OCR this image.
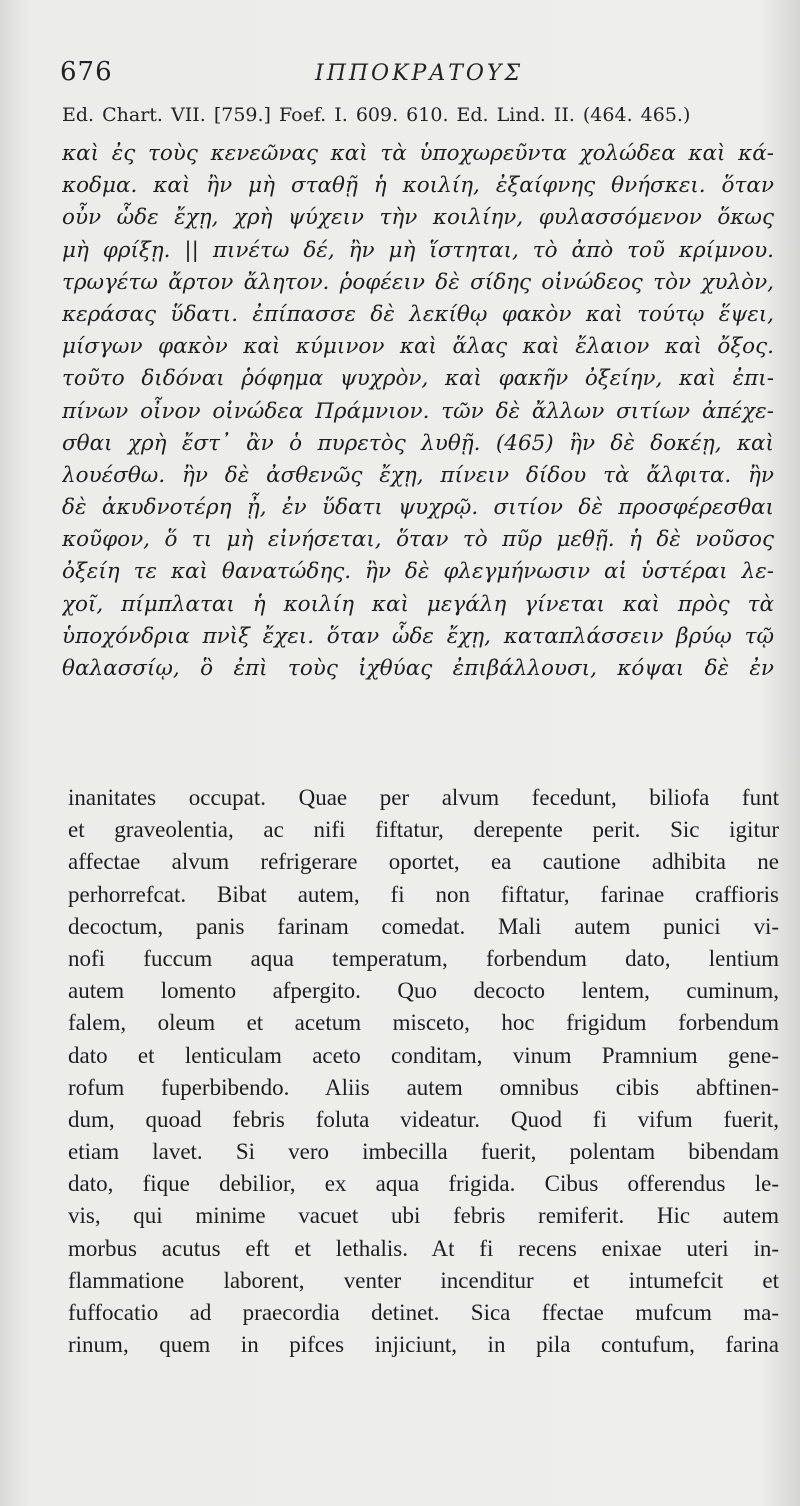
676	ΙΠΠΟΚΡΑΤΟΥΣ
Ed. Chart. VII. [759.] Foef. I. 609. 610. Ed. Lind. II. (464. 465.)
καὶ ἐς τοὺς κενεῶνας καὶ τὰ ὑποχωρεῦντα χολώδεα καὶ κά-
κοδμα. καὶ ἢν μὴ σταθῇ ἡ κοιλίη, ἐξαίφνης θνήσκει. ὅταν
οὖν ὧδε ἔχῃ, χρὴ ψύχειν τὴν κοιλίην, φυλασσόμενον ὅκως
μὴ φρίξῃ. || πινέτω δέ, ἢν μὴ ἵστηται, τὸ ἀπὸ τοῦ κρίμνου.
τρωγέτω ἄρτον ἄλητον. ῥοφέειν δὲ σίδης οἰνώδεος τὸν χυλὸν,
κεράσας ὕδατι. ἐπίπασσε δὲ λεκίθῳ φακὸν καὶ τούτῳ ἕψει,
μίσγων φακὸν καὶ κύμινον καὶ ἅλας καὶ ἔλαιον καὶ ὄξος.
τοῦτο διδόναι ῥόφημα ψυχρὸν, καὶ φακῆν ὀξείην, καὶ ἐπι-
πίνων οἶνον οἰνώδεα Πράμνιον. τῶν δὲ ἄλλων σιτίων ἀπέχε-
σθαι χρὴ ἔστ᾽ ἂν ὁ πυρετὸς λυθῇ. (465) ἢν δὲ δοκέῃ, καὶ
λουέσθω. ἢν δὲ ἀσθενῶς ἔχῃ, πίνειν δίδου τὰ ἄλφιτα. ἢν
δὲ ἀκυδνοτέρη ᾖ, ἐν ὕδατι ψυχρῷ. σιτίον δὲ προσφέρεσθαι
κοῦφον, ὅ τι μὴ εἰνήσεται, ὅταν τὸ πῦρ μεθῇ. ἡ δὲ νοῦσος
ὀξείη τε καὶ θανατώδης. ἢν δὲ φλεγμήνωσιν αἱ ὑστέραι λε-
χοῖ, πίμπλαται ἡ κοιλίη καὶ μεγάλη γίνεται καὶ πρὸς τὰ
ὑποχόνδρια πνὶξ ἔχει. ὅταν ὧδε ἔχῃ, καταπλάσσειν βρύῳ τῷ
θαλασσίῳ, ὃ ἐπὶ τοὺς ἰχθύας ἐπιβάλλουσι, κόψαι δὲ ἐν
inanitates occupat. Quae per alvum fecedunt, biliofa funt
et graveolentia, ac nifi fiftatur, derepente perit. Sic igitur
affectae alvum refrigerare oportet, ea cautione adhibita ne
perhorrefcat. Bibat autem, fi non fiftatur, farinae craffioris
decoctum, panis farinam comedat. Mali autem punici vi-
nofi fuccum aqua temperatum, forbendum dato, lentium
autem lomento afpergito. Quo decocto lentem, cuminum,
falem, oleum et acetum misceto, hoc frigidum forbendum
dato et lenticulam aceto conditam, vinum Pramnium gene-
rofum fuperbibendo. Aliis autem omnibus cibis abftinen-
dum, quoad febris foluta videatur. Quod fi vifum fuerit,
etiam lavet. Si vero imbecilla fuerit, polentam bibendam
dato, fique debilior, ex aqua frigida. Cibus offerendus le-
vis, qui minime vacuet ubi febris remiferit. Hic autem
morbus acutus eft et lethalis. At fi recens enixae uteri in-
flammatione laborent, venter incenditur et intumefcit et
fuffocatio ad praecordia detinet. Sica ffectae mufcum ma-
rinum, quem in pifces injiciunt, in pila contufum, farina
